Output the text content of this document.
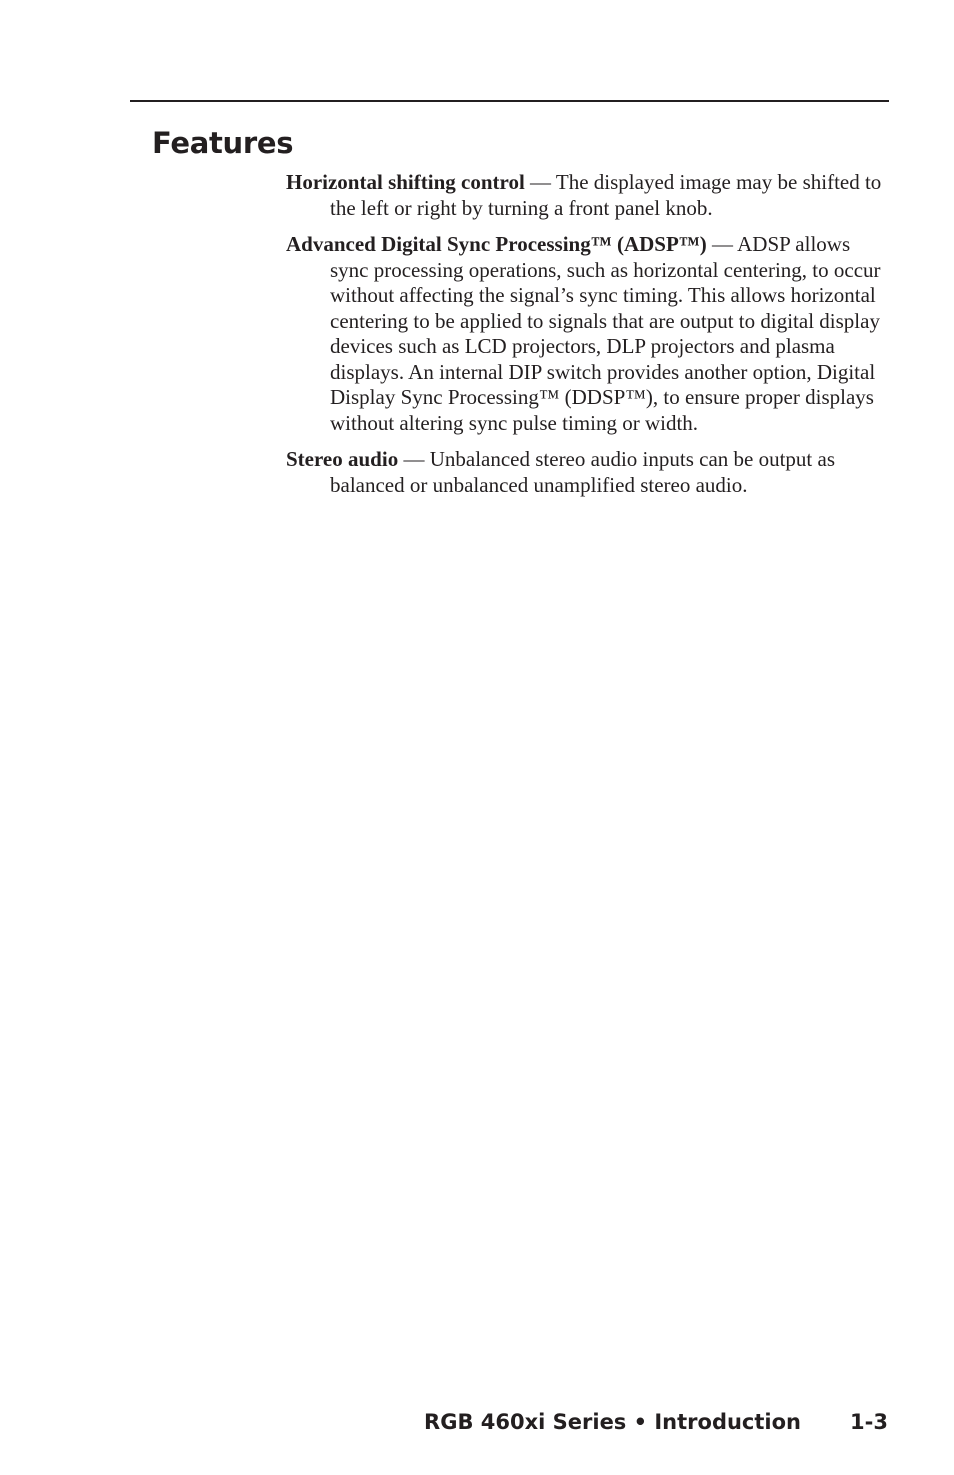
Features

Horizontal shifting control — The displayed image may be shifted to the left or right by turning a front panel knob.

Advanced Digital Sync Processing™ (ADSP™) — ADSP allows sync processing operations, such as horizontal centering, to occur without affecting the signal’s sync timing. This allows horizontal centering to be applied to signals that are output to digital display devices such as LCD projectors, DLP projectors and plasma displays. An internal DIP switch provides another option, Digital Display Sync Processing™ (DDSP™), to ensure proper displays without altering sync pulse timing or width.

Stereo audio — Unbalanced stereo audio inputs can be output as balanced or unbalanced unamplified stereo audio.

RGB 460xi Series • Introduction 1-3
